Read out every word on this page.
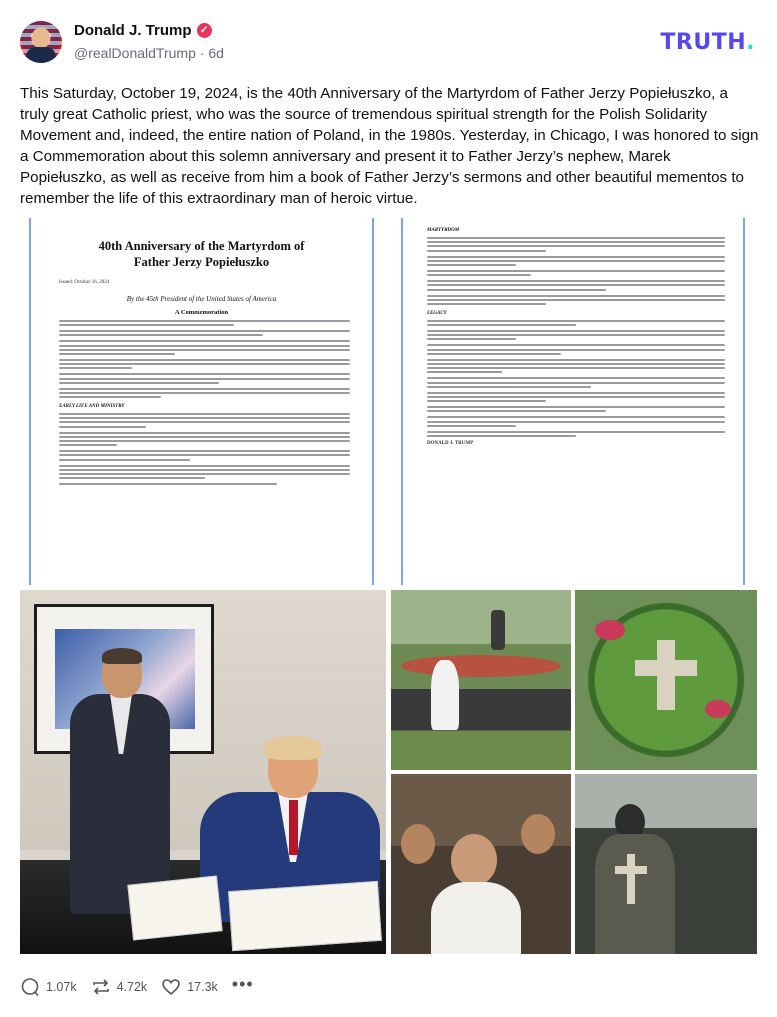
Donald J. Trump ✓
@realDonaldTrump · 6d	TRUTH.
This Saturday, October 19, 2024, is the 40th Anniversary of the Martyrdom of Father Jerzy Popiełuszko, a truly great Catholic priest, who was the source of tremendous spiritual strength for the Polish Solidarity Movement and, indeed, the entire nation of Poland, in the 1980s. Yesterday, in Chicago, I was honored to sign a Commemoration about this solemn anniversary and present it to Father Jerzy’s nephew, Marek Popiełuszko, as well as receive from him a book of Father Jerzy’s sermons and other beautiful mementos to remember the life of this extraordinary man of heroic virtue.
40th Anniversary of the Martyrdom of
Father Jerzy Popiełuszko
Issued: October 16, 2024
By the 45th President of the United States of America
A Commemoration
EARLY LIFE AND MINISTRY
MARTYRDOM
LEGACY
DONALD J. TRUMP
1.07k	4.72k	17.3k •••
